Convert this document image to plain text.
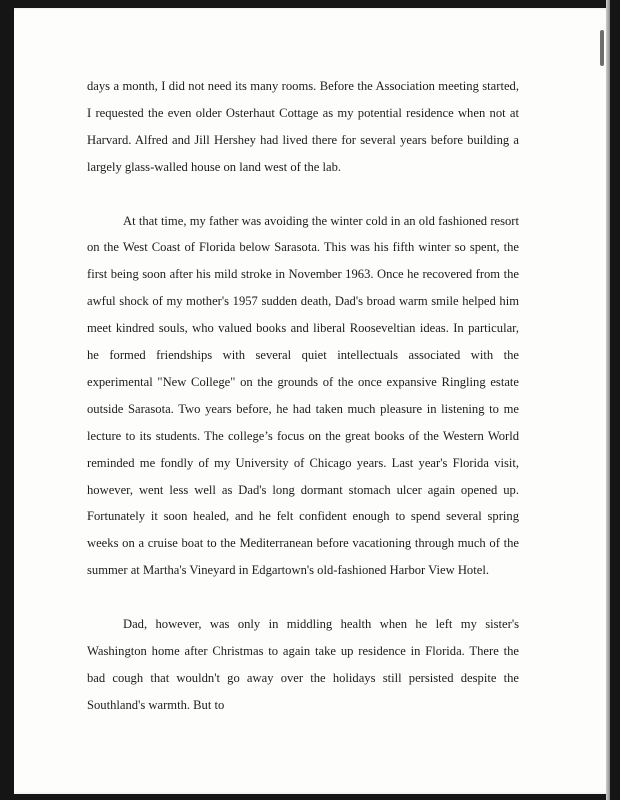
days a month, I did not need its many rooms. Before the Association meeting started, I requested the even older Osterhaut Cottage as my potential residence when not at Harvard. Alfred and Jill Hershey had lived there for several years before building a largely glass-walled house on land west of the lab.

At that time, my father was avoiding the winter cold in an old fashioned resort on the West Coast of Florida below Sarasota. This was his fifth winter so spent, the first being soon after his mild stroke in November 1963. Once he recovered from the awful shock of my mother's 1957 sudden death, Dad's broad warm smile helped him meet kindred souls, who valued books and liberal Rooseveltian ideas. In particular, he formed friendships with several quiet intellectuals associated with the experimental "New College" on the grounds of the once expansive Ringling estate outside Sarasota. Two years before, he had taken much pleasure in listening to me lecture to its students. The college’s focus on the great books of the Western World reminded me fondly of my University of Chicago years. Last year's Florida visit, however, went less well as Dad's long dormant stomach ulcer again opened up. Fortunately it soon healed, and he felt confident enough to spend several spring weeks on a cruise boat to the Mediterranean before vacationing through much of the summer at Martha's Vineyard in Edgartown's old-fashioned Harbor View Hotel.

Dad, however, was only in middling health when he left my sister's Washington home after Christmas to again take up residence in Florida. There the bad cough that wouldn't go away over the holidays still persisted despite the Southland's warmth. But to
